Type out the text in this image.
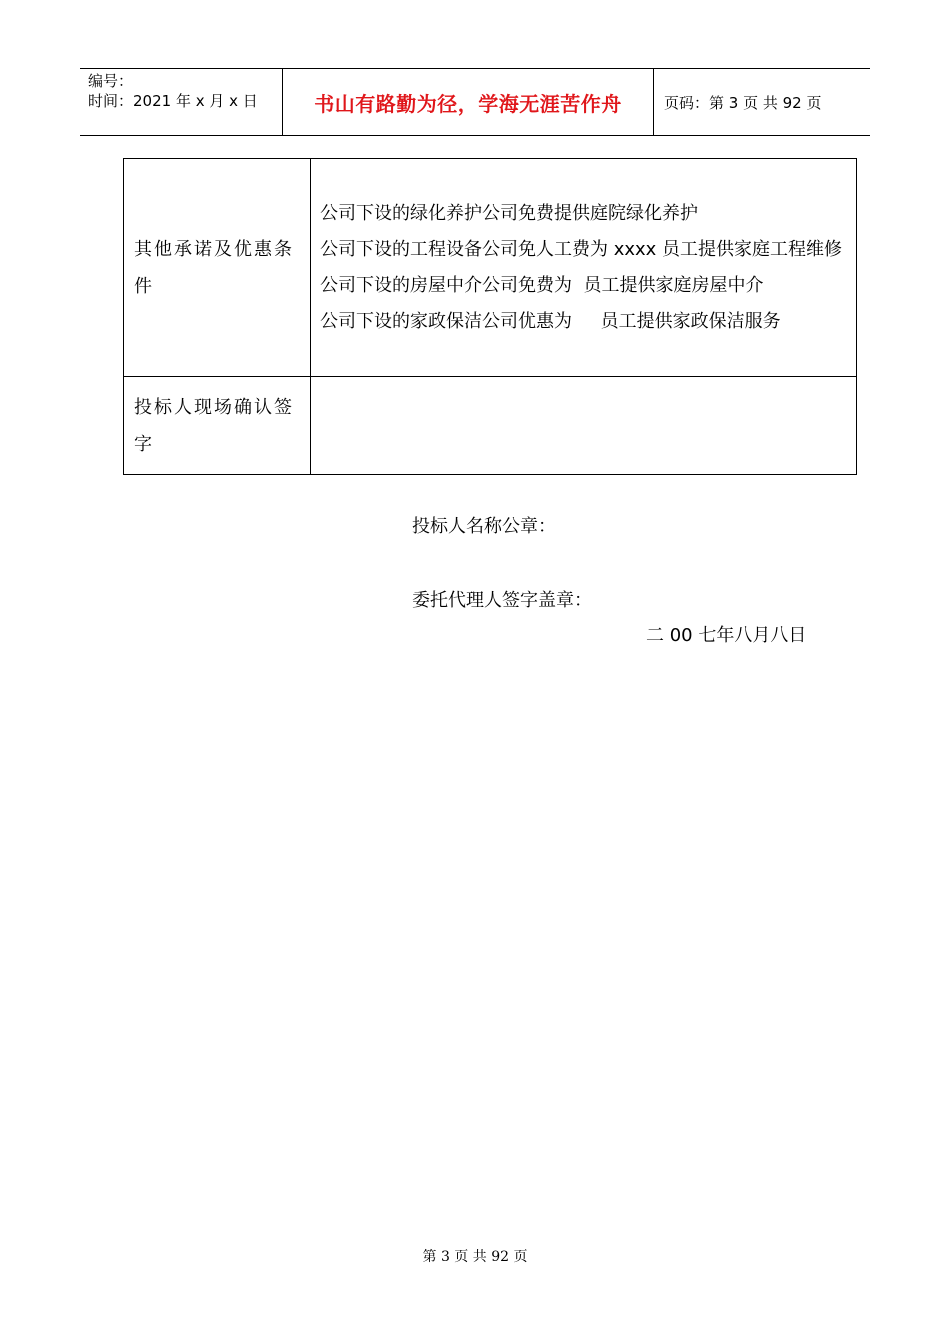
编号：
时间：2021 年 x 月 x 日	书山有路勤为径，学海无涯苦作舟	页码：第 3 页 共 92 页
其他承诺及优惠条件	公司下设的绿化养护公司免费提供庭院绿化养护
公司下设的工程设备公司免人工费为 xxxx 员工提供家庭工程维修
公司下设的房屋中介公司免费为  员工提供家庭房屋中介
公司下设的家政保洁公司优惠为     员工提供家政保洁服务

投标人现场确认签字	
投标人名称公章：
委托代理人签字盖章：
二 00 七年八月八日
第 3 页 共 92 页
